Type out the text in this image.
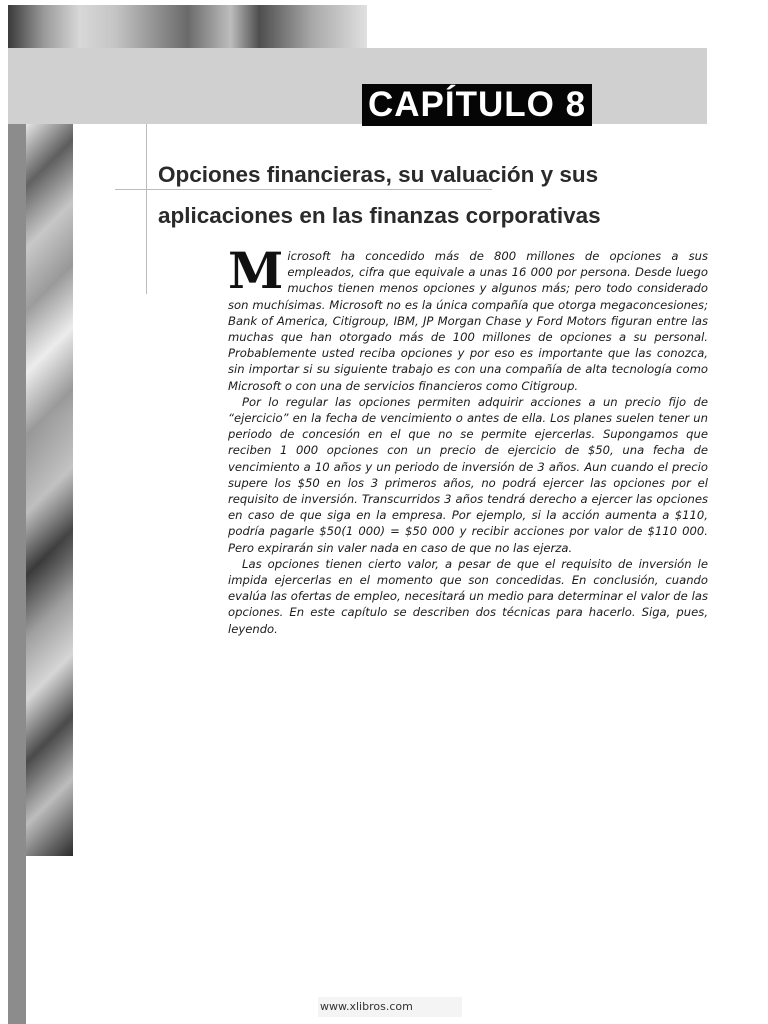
CAPÍTULO 8
Opciones financieras, su valuación y sus
aplicaciones en las finanzas corporativas

Microsoft ha concedido más de 800 millones de opciones a sus empleados, cifra que equivale a unas 16 000 por persona. Desde luego muchos tienen menos opciones y algunos más; pero todo considerado son muchísimas. Microsoft no es la única compañía que otorga megaconcesiones; Bank of America, Citigroup, IBM, JP Morgan Chase y Ford Motors figuran entre las muchas que han otorgado más de 100 millones de opciones a su personal. Probablemente usted reciba opciones y por eso es importante que las conozca, sin importar si su siguiente trabajo es con una compañía de alta tecnología como Microsoft o con una de servicios financieros como Citigroup.

Por lo regular las opciones permiten adquirir acciones a un precio fijo de “ejercicio” en la fecha de vencimiento o antes de ella. Los planes suelen tener un periodo de concesión en el que no se permite ejercerlas. Supongamos que reciben 1 000 opciones con un precio de ejercicio de $50, una fecha de vencimiento a 10 años y un periodo de inversión de 3 años. Aun cuando el precio supere los $50 en los 3 primeros años, no podrá ejercer las opciones por el requisito de inversión. Transcurridos 3 años tendrá derecho a ejercer las opciones en caso de que siga en la empresa. Por ejemplo, si la acción aumenta a $110, podría pagarle $50(1 000) = $50 000 y recibir acciones por valor de $110 000. Pero expirarán sin valer nada en caso de que no las ejerza.

Las opciones tienen cierto valor, a pesar de que el requisito de inversión le impida ejercerlas en el momento que son concedidas. En conclusión, cuando evalúa las ofertas de empleo, necesitará un medio para determinar el valor de las opciones. En este capítulo se describen dos técnicas para hacerlo. Siga, pues, leyendo.

www.xlibros.com
